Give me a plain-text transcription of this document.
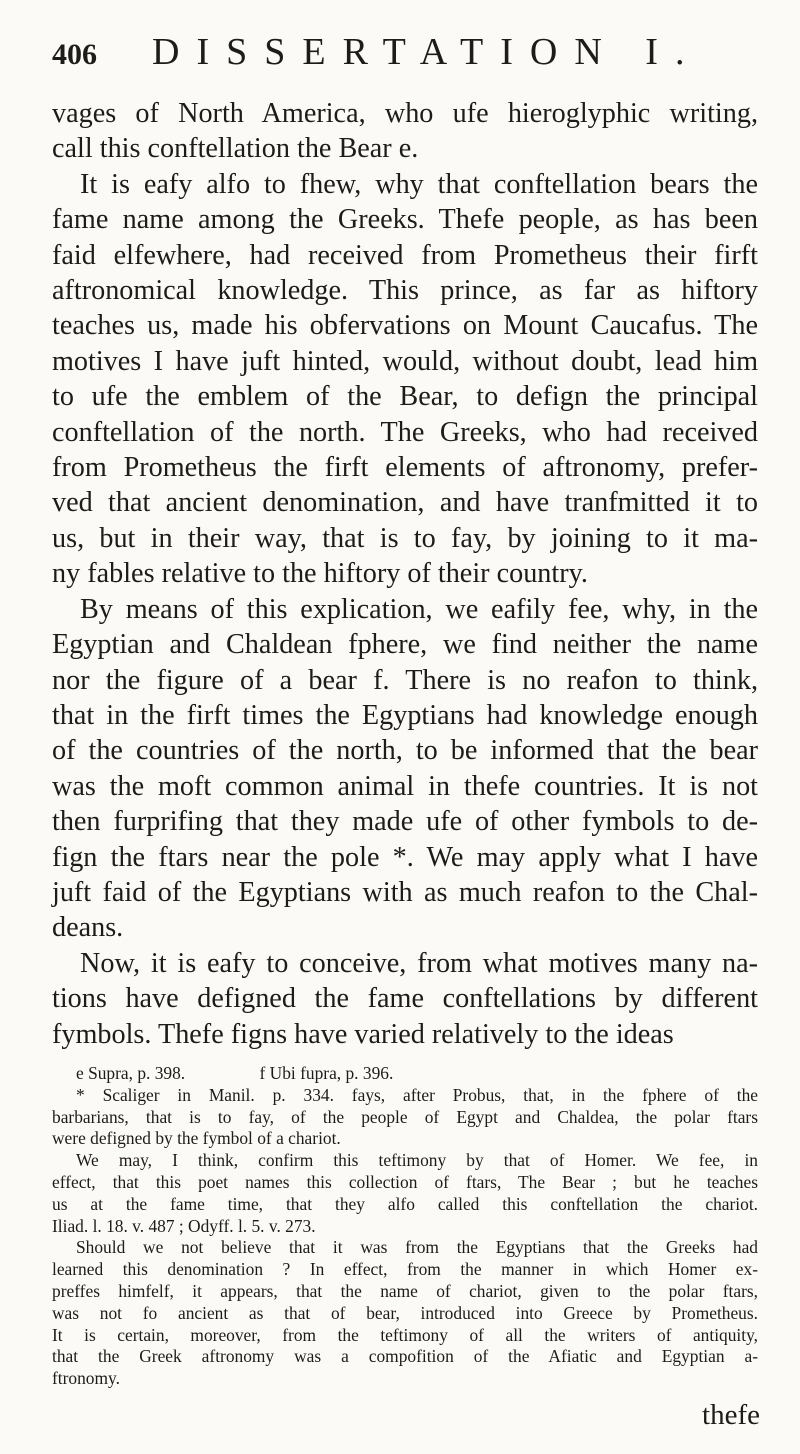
406 DISSERTATION I.
vages of North America, who ufe hieroglyphic writing,
call this conftellation the Bear e.
It is eafy alfo to fhew, why that conftellation bears the
fame name among the Greeks. Thefe people, as has been
faid elfewhere, had received from Prometheus their firft
aftronomical knowledge. This prince, as far as hiftory
teaches us, made his obfervations on Mount Caucafus. The
motives I have juft hinted, would, without doubt, lead him
to ufe the emblem of the Bear, to defign the principal
conftellation of the north. The Greeks, who had received
from Prometheus the firft elements of aftronomy, prefer-
ved that ancient denomination, and have tranfmitted it to
us, but in their way, that is to fay, by joining to it ma-
ny fables relative to the hiftory of their country.
By means of this explication, we eafily fee, why, in the
Egyptian and Chaldean fphere, we find neither the name
nor the figure of a bear f. There is no reafon to think,
that in the firft times the Egyptians had knowledge enough
of the countries of the north, to be informed that the bear
was the moft common animal in thefe countries. It is not
then furprifing that they made ufe of other fymbols to de-
fign the ftars near the pole *. We may apply what I have
juft faid of the Egyptians with as much reafon to the Chal-
deans.
Now, it is eafy to conceive, from what motives many na-
tions have defigned the fame conftellations by different
fymbols. Thefe figns have varied relatively to the ideas
e Supra, p. 398.	f Ubi fupra, p. 396.
* Scaliger in Manil. p. 334. fays, after Probus, that, in the fphere of the
barbarians, that is to fay, of the people of Egypt and Chaldea, the polar ftars
were defigned by the fymbol of a chariot.
We may, I think, confirm this teftimony by that of Homer. We fee, in
effect, that this poet names this collection of ftars, The Bear ; but he teaches
us at the fame time, that they alfo called this conftellation the chariot.
Iliad. l. 18. v. 487 ; Odyff. l. 5. v. 273.
Should we not believe that it was from the Egyptians that the Greeks had
learned this denomination ? In effect, from the manner in which Homer ex-
preffes himfelf, it appears, that the name of chariot, given to the polar ftars,
was not fo ancient as that of bear, introduced into Greece by Prometheus.
It is certain, moreover, from the teftimony of all the writers of antiquity,
that the Greek aftronomy was a compofition of the Afiatic and Egyptian a-
ftronomy.
thefe
